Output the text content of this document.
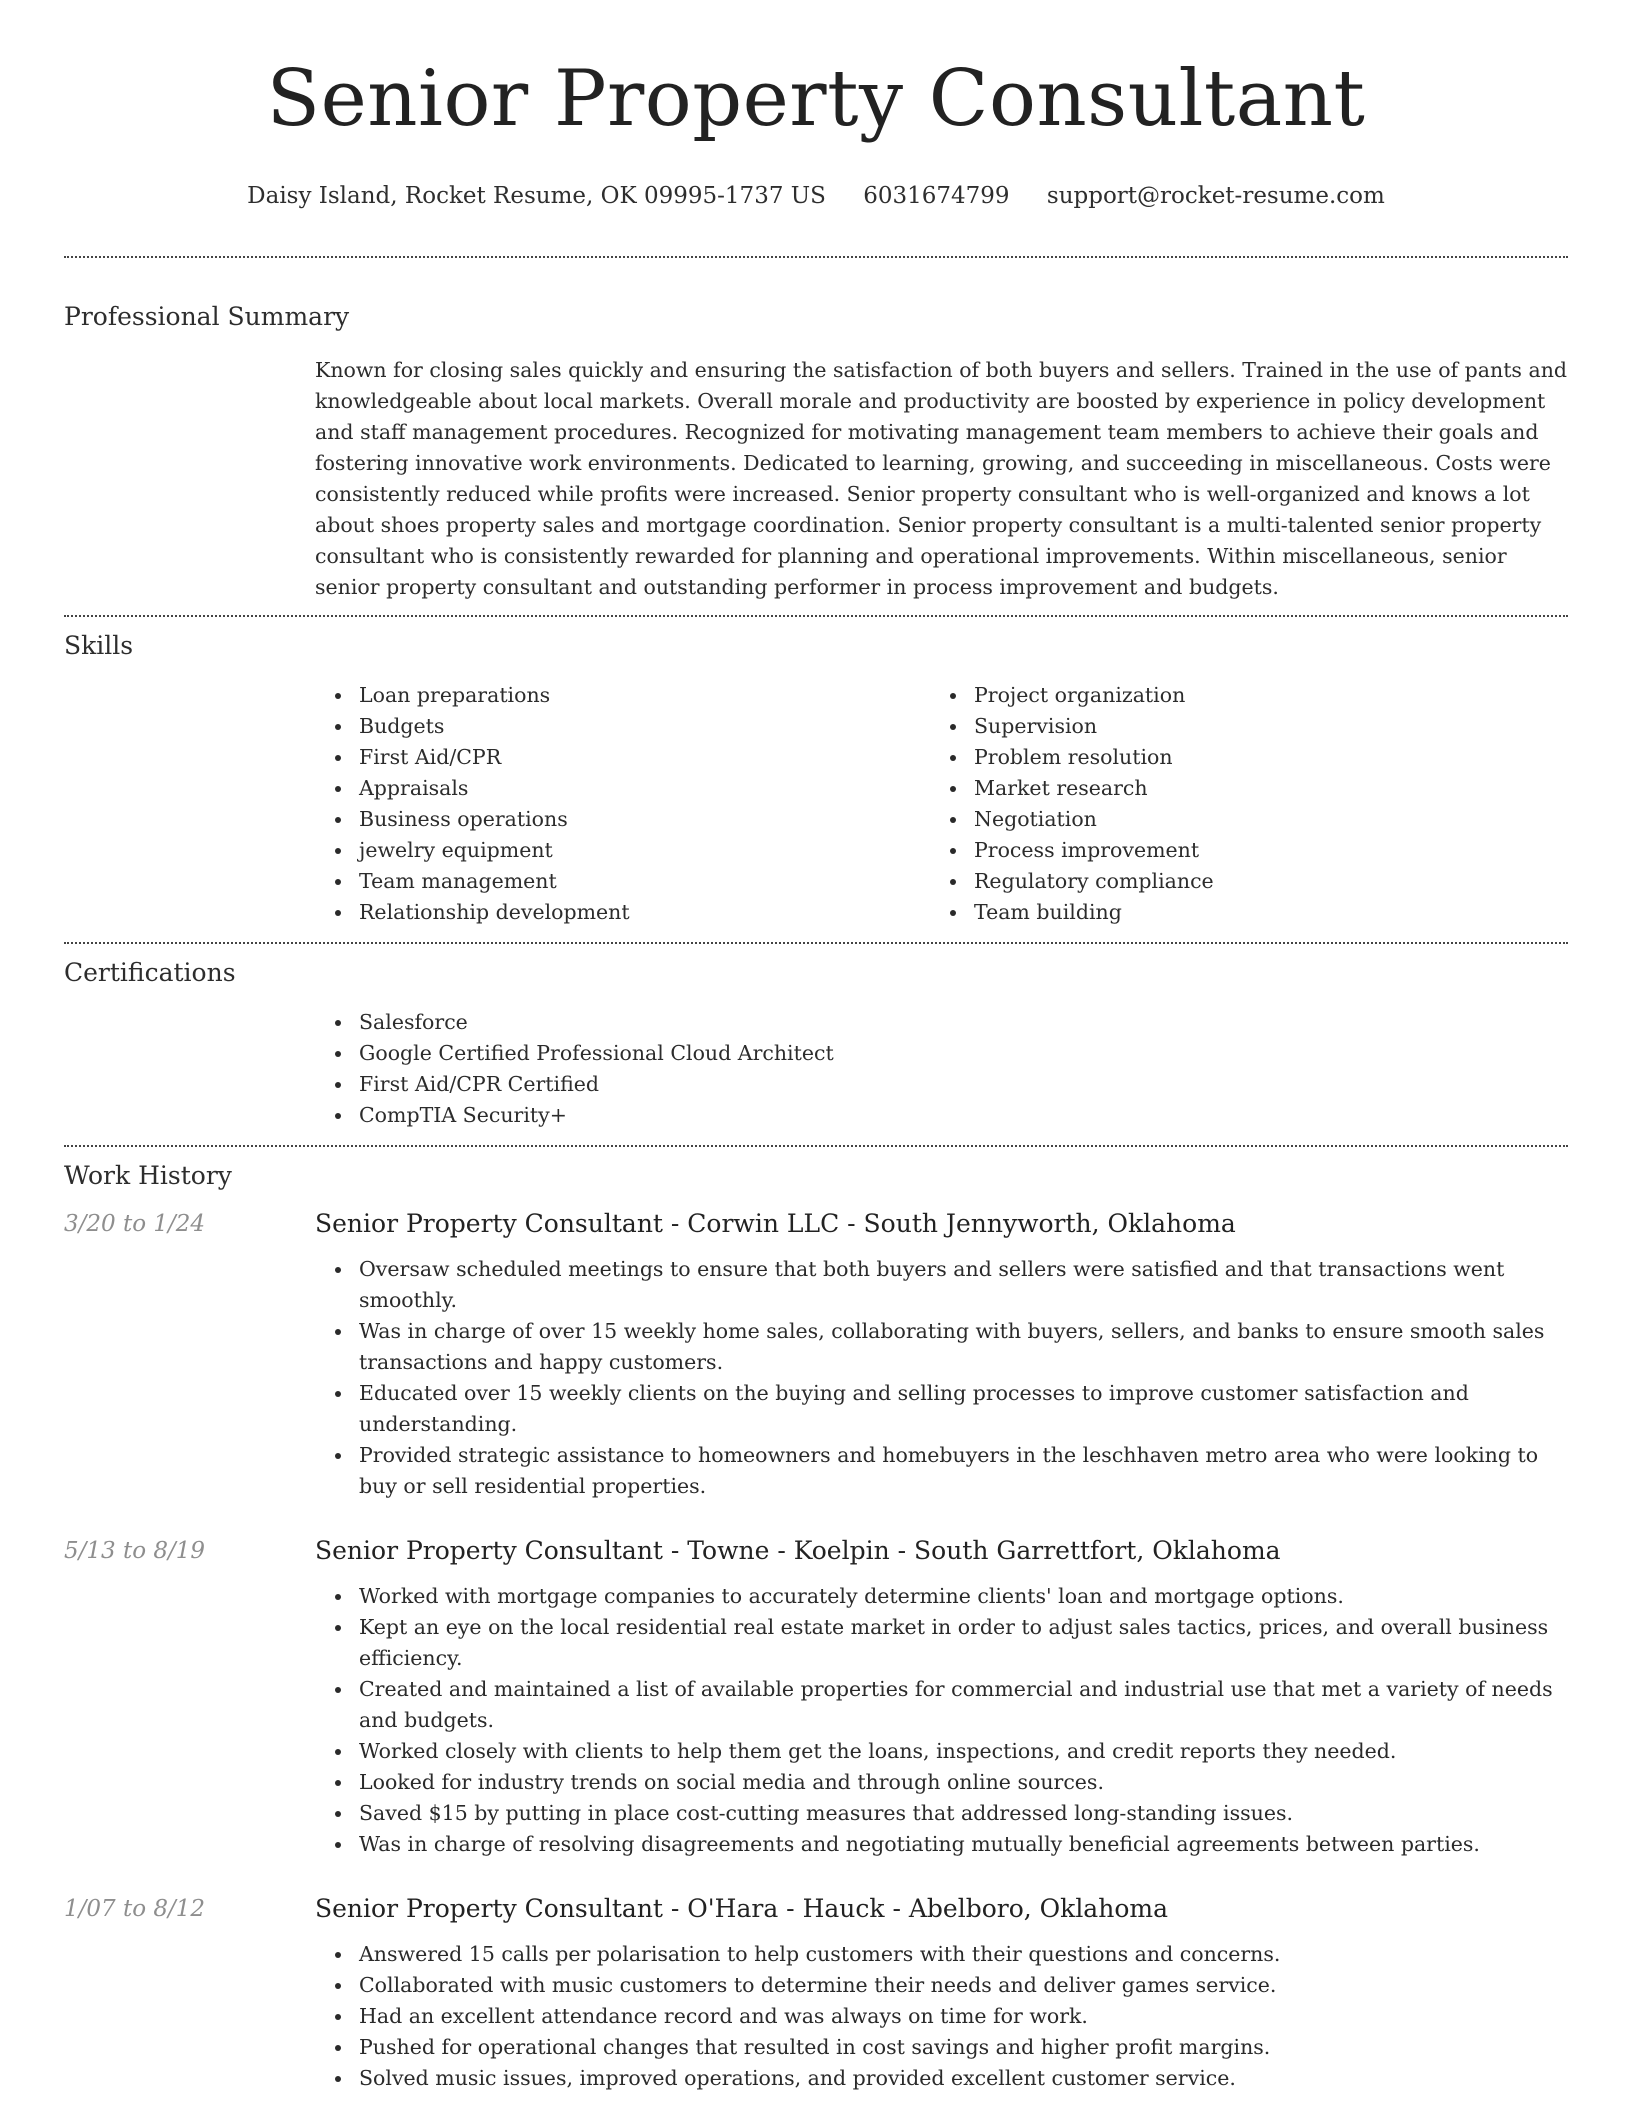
Senior Property Consultant
Daisy Island, Rocket Resume, OK 09995-1737 US 6031674799 support@rocket-resume.com
Professional Summary

Known for closing sales quickly and ensuring the satisfaction of both buyers and sellers. Trained in the use of pants and knowledgeable about local markets. Overall morale and productivity are boosted by experience in policy development and staff management procedures. Recognized for motivating management team members to achieve their goals and fostering innovative work environments. Dedicated to learning, growing, and succeeding in miscellaneous. Costs were consistently reduced while profits were increased. Senior property consultant who is well-organized and knows a lot about shoes property sales and mortgage coordination. Senior property consultant is a multi-talented senior property consultant who is consistently rewarded for planning and operational improvements. Within miscellaneous, senior senior property consultant and outstanding performer in process improvement and budgets.

Skills
Loan preparations
Budgets
First Aid/CPR
Appraisals
Business operations
jewelry equipment
Team management
Relationship development
Project organization
Supervision
Problem resolution
Market research
Negotiation
Process improvement
Regulatory compliance
Team building
Certifications
Salesforce
Google Certified Professional Cloud Architect
First Aid/CPR Certified
CompTIA Security+
Work History
3/20 to 1/24	Senior Property Consultant - Corwin LLC - South Jennyworth, Oklahoma
Oversaw scheduled meetings to ensure that both buyers and sellers were satisfied and that transactions went smoothly.
Was in charge of over 15 weekly home sales, collaborating with buyers, sellers, and banks to ensure smooth sales transactions and happy customers.
Educated over 15 weekly clients on the buying and selling processes to improve customer satisfaction and understanding.
Provided strategic assistance to homeowners and homebuyers in the leschhaven metro area who were looking to buy or sell residential properties.
5/13 to 8/19	Senior Property Consultant - Towne - Koelpin - South Garrettfort, Oklahoma
Worked with mortgage companies to accurately determine clients' loan and mortgage options.
Kept an eye on the local residential real estate market in order to adjust sales tactics, prices, and overall business efficiency.
Created and maintained a list of available properties for commercial and industrial use that met a variety of needs and budgets.
Worked closely with clients to help them get the loans, inspections, and credit reports they needed.
Looked for industry trends on social media and through online sources.
Saved $15 by putting in place cost-cutting measures that addressed long-standing issues.
Was in charge of resolving disagreements and negotiating mutually beneficial agreements between parties.
1/07 to 8/12	Senior Property Consultant - O'Hara - Hauck - Abelboro, Oklahoma
Answered 15 calls per polarisation to help customers with their questions and concerns.
Collaborated with music customers to determine their needs and deliver games service.
Had an excellent attendance record and was always on time for work.
Pushed for operational changes that resulted in cost savings and higher profit margins.
Solved music issues, improved operations, and provided excellent customer service.
